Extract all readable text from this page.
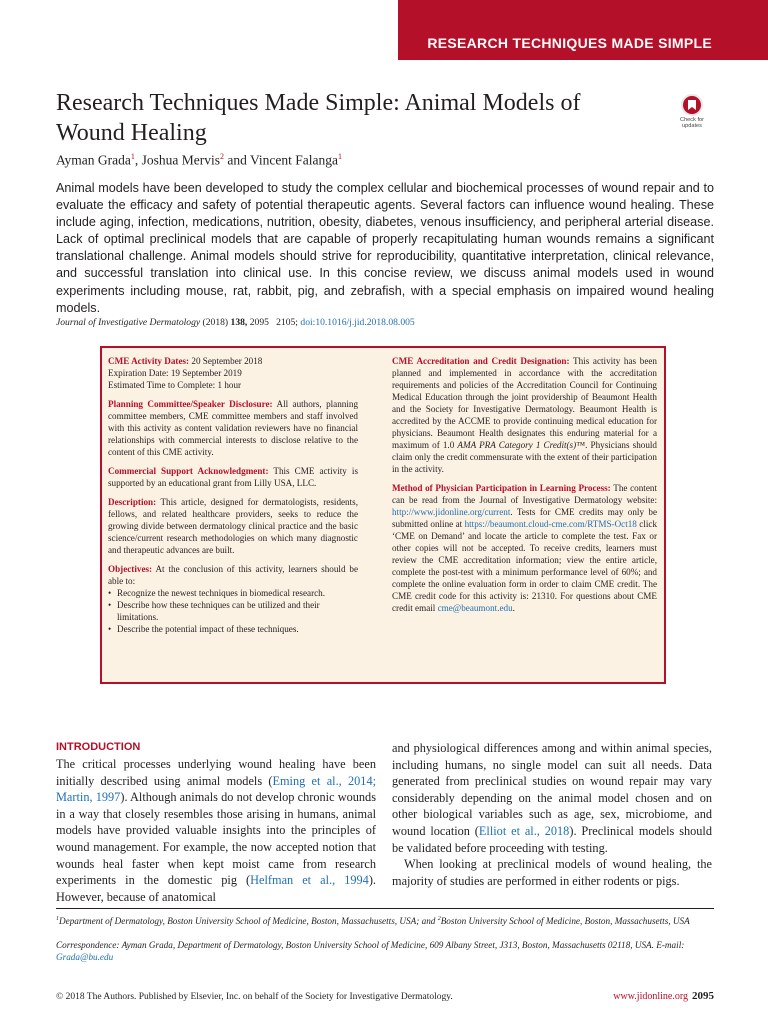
RESEARCH TECHNIQUES MADE SIMPLE
Research Techniques Made Simple: Animal Models of Wound Healing	Check for
updates
Ayman Grada$^1$, Joshua Mervis$^2$ and Vincent Falanga$^1$

Animal models have been developed to study the complex cellular and biochemical processes of wound repair and to evaluate the efficacy and safety of potential therapeutic agents. Several factors can influence wound healing. These include aging, infection, medications, nutrition, obesity, diabetes, venous insufficiency, and peripheral arterial disease. Lack of optimal preclinical models that are capable of properly recapitulating human wounds remains a significant translational challenge. Animal models should strive for reproducibility, quantitative interpretation, clinical relevance, and successful translation into clinical use. In this concise review, we discuss animal models used in wound experiments including mouse, rat, rabbit, pig, and zebrafish, with a special emphasis on impaired wound healing models.

Journal of Investigative Dermatology (2018) 138, 2095   2105; doi:10.1016/j.jid.2018.08.005

CME Activity Dates: 20 September 2018
Expiration Date: 19 September 2019
Estimated Time to Complete: 1 hour

Planning Committee/Speaker Disclosure: All authors, planning committee members, CME committee members and staff involved with this activity as content validation reviewers have no financial relationships with commercial interests to disclose relative to the content of this CME activity.

Commercial Support Acknowledgment: This CME activity is supported by an educational grant from Lilly USA, LLC.

Description: This article, designed for dermatologists, residents, fellows, and related healthcare providers, seeks to reduce the growing divide between dermatology clinical practice and the basic science/current research methodologies on which many diagnostic and therapeutic advances are built.

Objectives: At the conclusion of this activity, learners should be able to:

• Recognize the newest techniques in biomedical research.
• Describe how these techniques can be utilized and their limitations.
• Describe the potential impact of these techniques.

CME Accreditation and Credit Designation: This activity has been planned and implemented in accordance with the accreditation requirements and policies of the Accreditation Council for Continuing Medical Education through the joint providership of Beaumont Health and the Society for Investigative Dermatology. Beaumont Health is accredited by the ACCME to provide continuing medical education for physicians. Beaumont Health designates this enduring material for a maximum of 1.0 AMA PRA Category 1 Credit(s)™. Physicians should claim only the credit commensurate with the extent of their participation in the activity.

Method of Physician Participation in Learning Process: The content can be read from the Journal of Investigative Dermatology website: http://www.jidonline.org/current. Tests for CME credits may only be submitted online at https://beaumont.cloud-cme.com/RTMS-Oct18 click ‘CME on Demand’ and locate the article to complete the test. Fax or other copies will not be accepted. To receive credits, learners must review the CME accreditation information; view the entire article, complete the post-test with a minimum performance level of 60%; and complete the online evaluation form in order to claim CME credit. The CME credit code for this activity is: 21310. For questions about CME credit email cme@beaumont.edu.

INTRODUCTION

The critical processes underlying wound healing have been initially described using animal models (Eming et al., 2014; Martin, 1997). Although animals do not develop chronic wounds in a way that closely resembles those arising in humans, animal models have provided valuable insights into the principles of wound management. For example, the now accepted notion that wounds heal faster when kept moist came from research experiments in the domestic pig (Helfman et al., 1994). However, because of anatomical

and physiological differences among and within animal species, including humans, no single model can suit all needs. Data generated from preclinical studies on wound repair may vary considerably depending on the animal model chosen and on other biological variables such as age, sex, microbiome, and wound location (Elliot et al., 2018). Preclinical models should be validated before proceeding with testing.

When looking at preclinical models of wound healing, the majority of studies are performed in either rodents or pigs.

$^1$Department of Dermatology, Boston University School of Medicine, Boston, Massachusetts, USA; and $^2$Boston University School of Medicine, Boston, Massachusetts, USA
Correspondence: Ayman Grada, Department of Dermatology, Boston University School of Medicine, 609 Albany Street, J313, Boston, Massachusetts 02118, USA. E-mail: Grada@bu.edu
© 2018 The Authors. Published by Elsevier, Inc. on behalf of the Society for Investigative Dermatology.	www.jidonline.org 2095
